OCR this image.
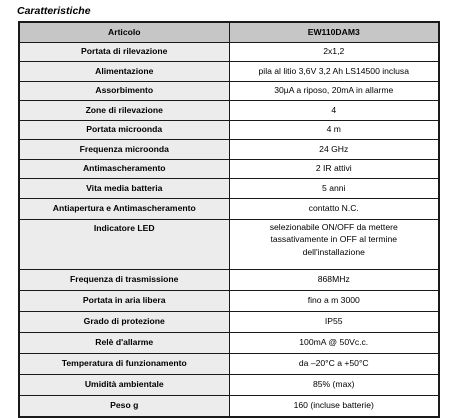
Caratteristiche
Articolo	EW110DAM3
Portata di rilevazione	2x1,2
Alimentazione	pila al litio 3,6V 3,2 Ah LS14500 inclusa
Assorbimento	30µA a riposo, 20mA in allarme
Zone di rilevazione	4
Portata microonda	4 m
Frequenza microonda	24 GHz
Antimascheramento	2 IR attivi
Vita media batteria	5 anni
Antiapertura e Antimascheramento	contatto N.C.
Indicatore LED	selezionabile ON/OFF da mettere
tassativamente in OFF al termine
dell'installazione

Frequenza di trasmissione	868MHz
Portata in aria libera	fino a m 3000
Grado di protezione	IP55
Relè d'allarme	100mA @ 50Vc.c.
Temperatura di funzionamento	da –20°C a +50°C
Umidità ambientale	85% (max)
Peso g	160 (incluse batterie)
